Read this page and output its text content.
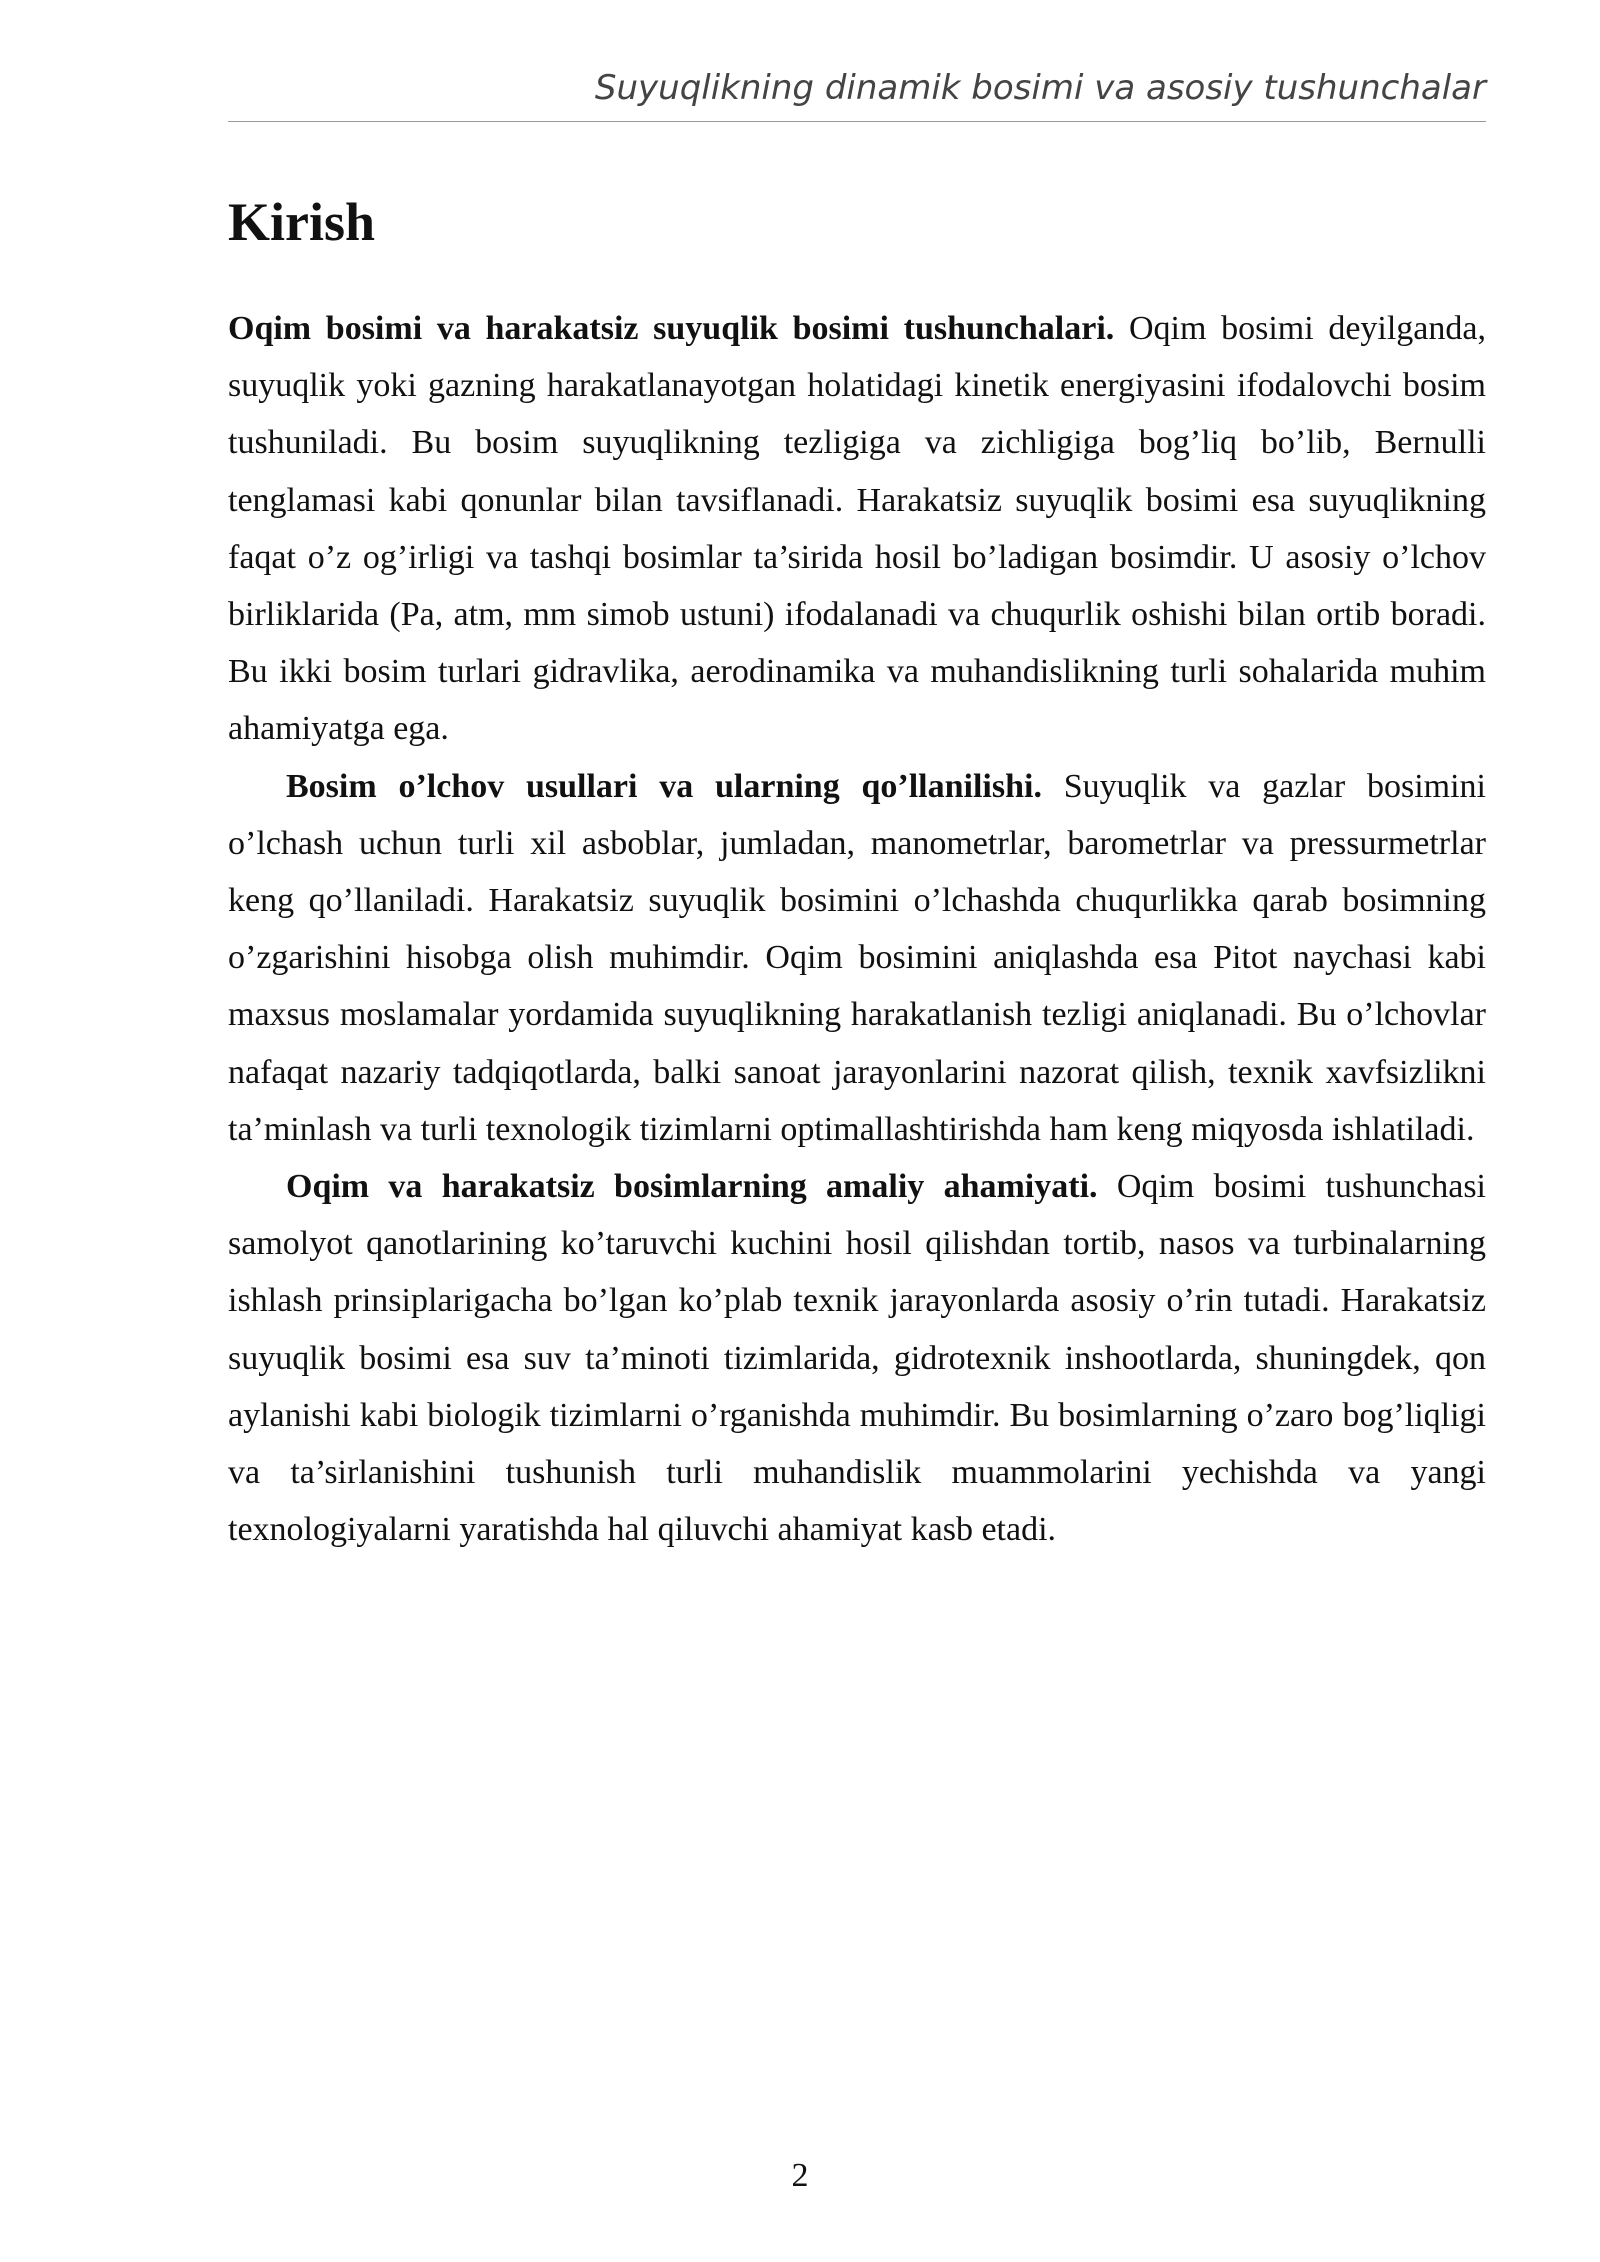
Suyuqlikning dinamik bosimi va asosiy tushunchalar
Kirish

Oqim bosimi va harakatsiz suyuqlik bosimi tushunchalari. Oqim bosimi deyilganda, suyuqlik yoki gazning harakatlanayotgan holatidagi kinetik energiyasini ifodalovchi bosim tushuniladi. Bu bosim suyuqlikning tezligiga va zichligiga bog’liq bo’lib, Bernulli tenglamasi kabi qonunlar bilan tavsiflanadi. Harakatsiz suyuqlik bosimi esa suyuqlikning faqat o’z og’irligi va tashqi bosimlar ta’sirida hosil bo’ladigan bosimdir. U asosiy o’lchov birliklarida (Pa, atm, mm simob ustuni) ifodalanadi va chuqurlik oshishi bilan ortib boradi. Bu ikki bosim turlari gidravlika, aerodinamika va muhandislikning turli sohalarida muhim ahamiyatga ega.

Bosim o’lchov usullari va ularning qo’llanilishi. Suyuqlik va gazlar bosimini o’lchash uchun turli xil asboblar, jumladan, manometrlar, barometrlar va pressurmetrlar keng qo’llaniladi. Harakatsiz suyuqlik bosimini o’lchashda chuqurlikka qarab bosimning o’zgarishini hisobga olish muhimdir. Oqim bosimini aniqlashda esa Pitot naychasi kabi maxsus moslamalar yordamida suyuqlikning harakatlanish tezligi aniqlanadi. Bu o’lchovlar nafaqat nazariy tadqiqotlarda, balki sanoat jarayonlarini nazorat qilish, texnik xavfsizlikni ta’minlash va turli texnologik tizimlarni optimallashtirishda ham keng miqyosda ishlatiladi.

Oqim va harakatsiz bosimlarning amaliy ahamiyati. Oqim bosimi tushunchasi samolyot qanotlarining ko’taruvchi kuchini hosil qilishdan tortib, nasos va turbinalarning ishlash prinsiplarigacha bo’lgan ko’plab texnik jarayonlarda asosiy o’rin tutadi. Harakatsiz suyuqlik bosimi esa suv ta’minoti tizimlarida, gidrotexnik inshootlarda, shuningdek, qon aylanishi kabi biologik tizimlarni o’rganishda muhimdir. Bu bosimlarning o’zaro bog’liqligi va ta’sirlanishini tushunish turli muhandislik muammolarini yechishda va yangi texnologiyalarni yaratishda hal qiluvchi ahamiyat kasb etadi.

2
